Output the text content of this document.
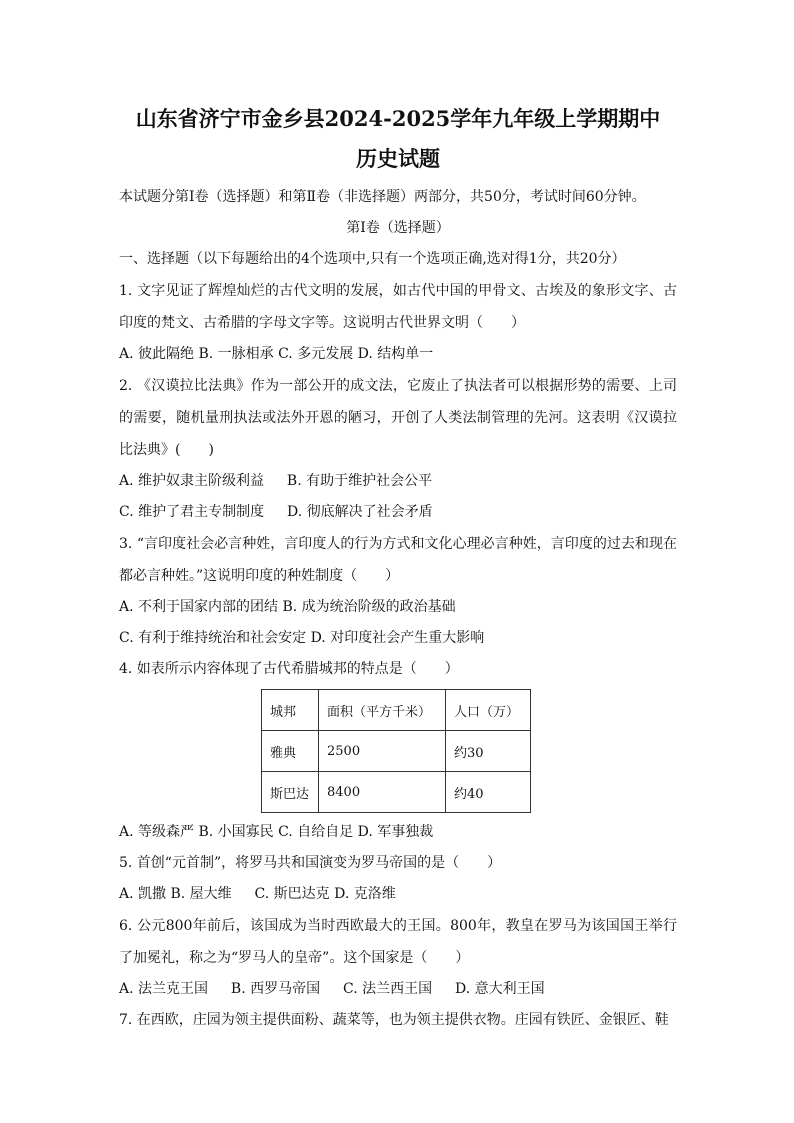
山东省济宁市金乡县2024-2025学年九年级上学期期中
历史试题
本试题分第Ⅰ卷（选择题）和第Ⅱ卷（非选择题）两部分，共50分，考试时间60分钟。
第Ⅰ卷（选择题）
一、选择题（以下每题给出的4个选项中,只有一个选项正确,选对得1分，共20分）
1. 文字见证了辉煌灿烂的古代文明的发展，如古代中国的甲骨文、古埃及的象形文字、古印度的梵文、古希腊的字母文字等。这说明古代世界文明（　　）
A. 彼此隔绝 B. 一脉相承 C. 多元发展 D. 结构单一
2. 《汉谟拉比法典》作为一部公开的成文法，它废止了执法者可以根据形势的需要、上司的需要，随机量刑执法或法外开恩的陋习，开创了人类法制管理的先河。这表明《汉谟拉比法典》(　　)
A. 维护奴隶主阶级利益　  B. 有助于维护社会公平
C. 维护了君主专制制度　  D. 彻底解决了社会矛盾
3. “言印度社会必言种姓，言印度人的行为方式和文化心理必言种姓，言印度的过去和现在都必言种姓。”这说明印度的种姓制度（　　）
A. 不利于国家内部的团结 B. 成为统治阶级的政治基础
C. 有利于维持统治和社会安定 D. 对印度社会产生重大影响
4. 如表所示内容体现了古代希腊城邦的特点是（　　）
城邦	面积（平方千米）	人口（万）
雅典	2500	约30
斯巴达	8400	约40
A. 等级森严 B. 小国寡民 C. 自给自足 D. 军事独裁
5. 首创“元首制”，将罗马共和国演变为罗马帝国的是（　　）
A. 凯撒 B. 屋大维　  C. 斯巴达克 D. 克洛维
6. 公元800年前后，该国成为当时西欧最大的王国。800年，教皇在罗马为该国国王举行了加冕礼，称之为“罗马人的皇帝”。这个国家是（　　）
A. 法兰克王国　  B. 西罗马帝国　  C. 法兰西王国　  D. 意大利王国
7. 在西欧，庄园为领主提供面粉、蔬菜等，也为领主提供衣物。庄园有铁匠、金银匠、鞋
